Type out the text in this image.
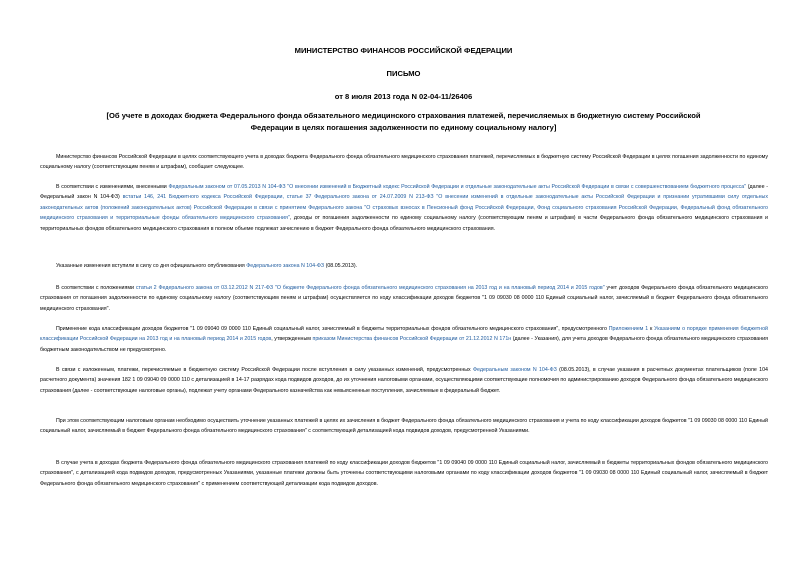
МИНИСТЕРСТВО ФИНАНСОВ РОССИЙСКОЙ ФЕДЕРАЦИИ
ПИСЬМО
от 8 июля 2013 года N 02-04-11/26406
[Об учете в доходах бюджета Федерального фонда обязательного медицинского страхования платежей, перечисляемых в бюджетную систему Российской Федерации в целях погашения задолженности по единому социальному налогу]

Министерство финансов Российской Федерации в целях соответствующего учета в доходах бюджета Федерального фонда обязательного медицинского страхования платежей, перечисляемых в бюджетную систему Российской Федерации в целях погашения задолженности по единому социальному налогу (соответствующим пеням и штрафам), сообщает следующее.

В соответствии с изменениями, внесенными Федеральным законом от 07.05.2013 N 104-ФЗ "О внесении изменений в Бюджетный кодекс Российской Федерации и отдельные законодательные акты Российской Федерации в связи с совершенствованием бюджетного процесса" (далее - Федеральный закон N 104-ФЗ) встатьи 146, 241 Бюджетного кодекса Российской Федерации, статье 37 Федерального закона от 24.07.2009 N 213-ФЗ "О внесении изменений в отдельные законодательные акты Российской Федерации и признании утратившими силу отдельных законодательных актов (положений законодательных актов) Российской Федерации в связи с принятием Федерального закона "О страховых взносах в Пенсионный фонд Российской Федерации, Фонд социального страхования Российской Федерации, Федеральный фонд обязательного медицинского страхования и территориальные фонды обязательного медицинского страхования", доходы от погашения задолженности по единому социальному налогу (соответствующим пеням и штрафам) в части Федерального фонда обязательного медицинского страхования и территориальных фондов обязательного медицинского страхования в полном объеме подлежат зачислению в бюджет Федерального фонда обязательного медицинского страхования.

Указанные изменения вступили в силу со дня официального опубликования Федерального закона N 104-ФЗ (08.05.2013).

В соответствии с положениями статьи 2 Федерального закона от 03.12.2012 N 217-ФЗ "О бюджете Федерального фонда обязательного медицинского страхования на 2013 год и на плановый период 2014 и 2015 годов" учет доходов Федерального фонда обязательного медицинского страхования от погашения задолженности по единому социальному налогу (соответствующим пеням и штрафам) осуществляется по коду классификации доходов бюджетов "1 09 09030 08 0000 110 Единый социальный налог, зачисляемый в бюджет Федерального фонда обязательного медицинского страхования".

Применение кода классификации доходов бюджетов "1 09 09040 09 0000 110 Единый социальный налог, зачисляемый в бюджеты территориальных фондов обязательного медицинского страхования", предусмотренного Приложением 1 к Указаниям о порядке применения бюджетной классификации Российской Федерации на 2013 год и на плановый период 2014 и 2015 годов, утвержденным приказом Министерства финансов Российской Федерации от 21.12.2012 N 171н (далее - Указания), для учета доходов Федерального фонда обязательного медицинского страхования бюджетным законодательством не предусмотрено.

В связи с изложенным, платежи, перечисляемые в бюджетную систему Российской Федерации после вступления в силу указанных изменений, предусмотренных Федеральным законом N 104-ФЗ (08.05.2013), в случае указания в расчетных документах плательщиков (поле 104 расчетного документа) значения 182 1 09 09040 09 0000 110 с детализацией в 14-17 разрядах кода подвидов доходов, до их уточнения налоговыми органами, осуществляющими соответствующие полномочия по администрированию доходов Федерального фонда обязательного медицинского страхования (далее - соответствующие налоговые органы), подлежат учету органами Федерального казначейства как невыясненные поступления, зачисляемые в федеральный бюджет.

При этом соответствующим налоговым органам необходимо осуществить уточнение указанных платежей в целях их зачисления в бюджет Федерального фонда обязательного медицинского страхования и учета по коду классификации доходов бюджетов "1 09 09030 08 0000 110 Единый социальный налог, зачисляемый в бюджет Федерального фонда обязательного медицинского страхования" с соответствующей детализацией кода подвидов доходов, предусмотренной Указаниями.

В случае учета в доходах бюджета Федерального фонда обязательного медицинского страхования платежей по коду классификации доходов бюджетов "1 09 09040 09 0000 110 Единый социальный налог, зачисляемый в бюджеты территориальных фондов обязательного медицинского страхования", с детализацией кода подвидов доходов, предусмотренных Указаниями, указанные платежи должны быть уточнены соответствующими налоговыми органами по коду классификации доходов бюджетов "1 09 09030 08 0000 110 Единый социальный налог, зачисляемый в бюджет Федерального фонда обязательного медицинского страхования" с применением соответствующей детализации кода подвидов доходов.
